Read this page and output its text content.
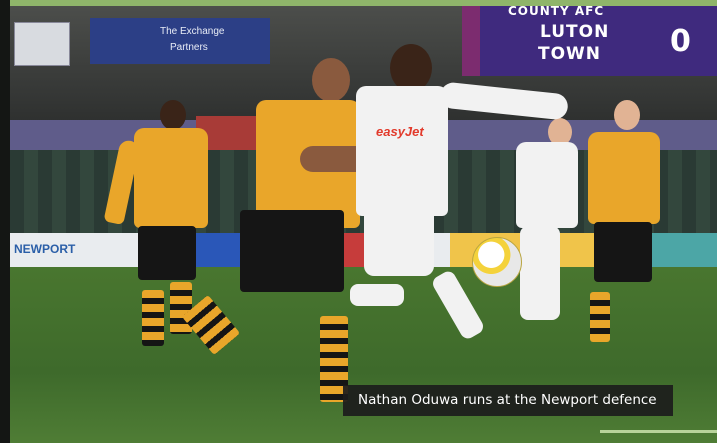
The Exchange
Partners
COUNTY AFC
LUTON
TOWN 0
NEWPORT
easyJet
Nathan Oduwa runs at the Newport defence
